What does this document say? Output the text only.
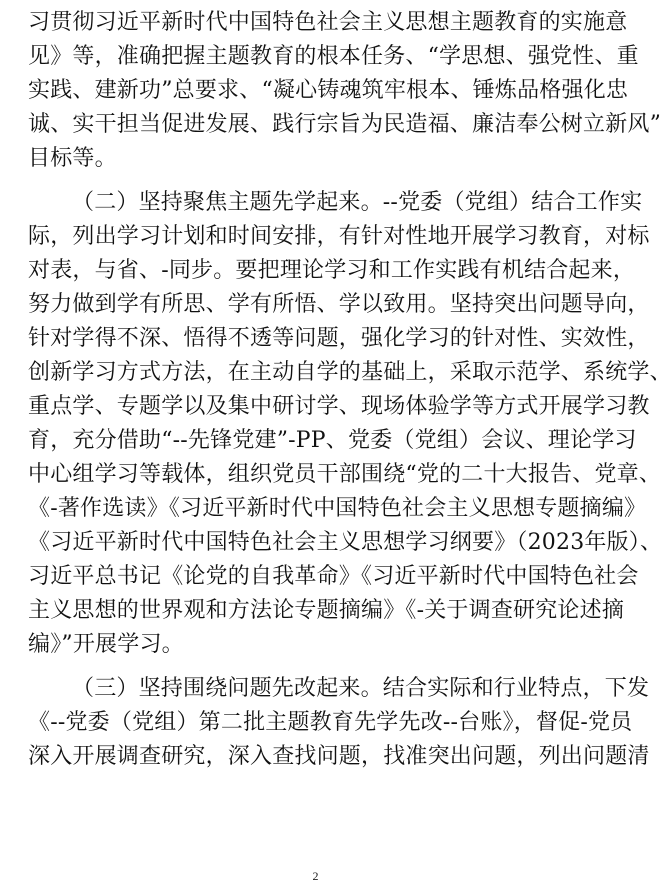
习贯彻习近平新时代中国特色社会主义思想主题教育的实施意
见》等，准确把握主题教育的根本任务、“学思想、强党性、重
实践、建新功”总要求、“凝心铸魂筑牢根本、锤炼品格强化忠
诚、实干担当促进发展、践行宗旨为民造福、廉洁奉公树立新风”
目标等。
（二）坚持聚焦主题先学起来。--党委（党组）结合工作实
际，列出学习计划和时间安排，有针对性地开展学习教育，对标
对表，与省、-同步。要把理论学习和工作实践有机结合起来，
努力做到学有所思、学有所悟、学以致用。坚持突出问题导向，
针对学得不深、悟得不透等问题，强化学习的针对性、实效性，
创新学习方式方法，在主动自学的基础上，采取示范学、系统学、
重点学、专题学以及集中研讨学、现场体验学等方式开展学习教
育，充分借助“--先锋党建”-PP、党委（党组）会议、理论学习
中心组学习等载体，组织党员干部围绕“党的二十大报告、党章、
《-著作选读》《习近平新时代中国特色社会主义思想专题摘编》
《习近平新时代中国特色社会主义思想学习纲要》（2023年版）、
习近平总书记《论党的自我革命》《习近平新时代中国特色社会
主义思想的世界观和方法论专题摘编》《-关于调查研究论述摘
编》”开展学习。
（三）坚持围绕问题先改起来。结合实际和行业特点，下发
《--党委（党组）第二批主题教育先学先改--台账》，督促-党员
深入开展调查研究，深入查找问题，找准突出问题，列出问题清
2
